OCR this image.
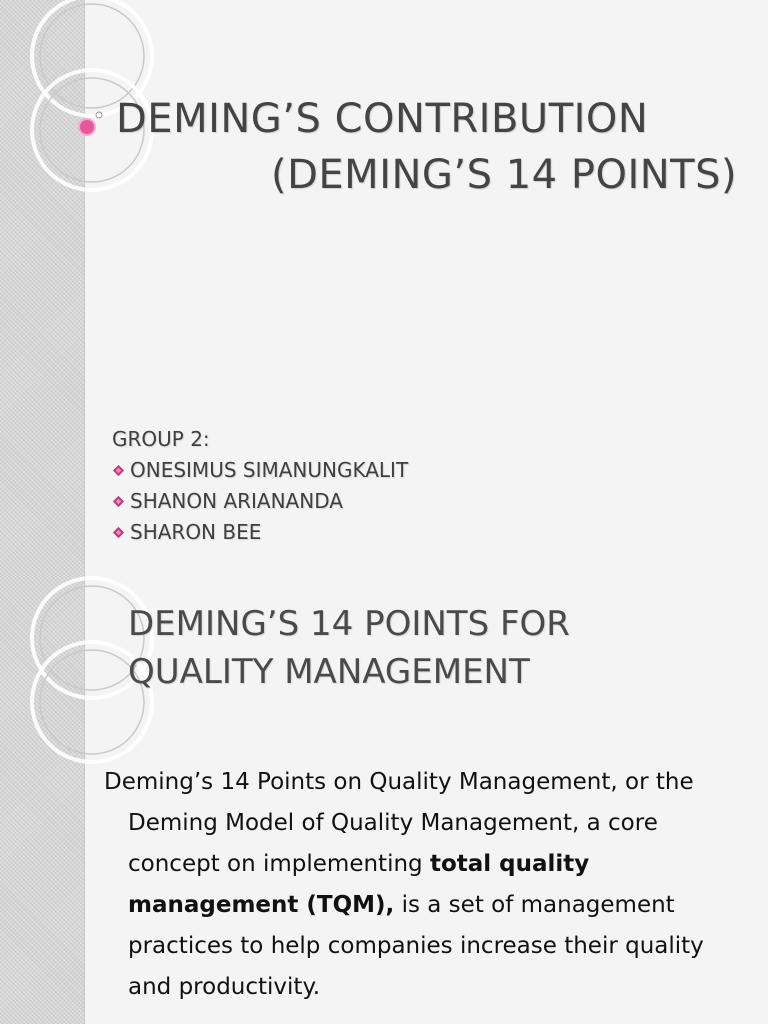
DEMING’S CONTRIBUTION
(DEMING’S 14 POINTS)
GROUP 2:
ONESIMUS SIMANUNGKALIT
SHANON ARIANANDA
SHARON BEE
DEMING’S 14 POINTS FOR
QUALITY MANAGEMENT

Deming’s 14 Points on Quality Management, or the Deming Model of Quality Management, a core concept on implementing total quality management (TQM), is a set of management practices to help companies increase their quality and productivity.
